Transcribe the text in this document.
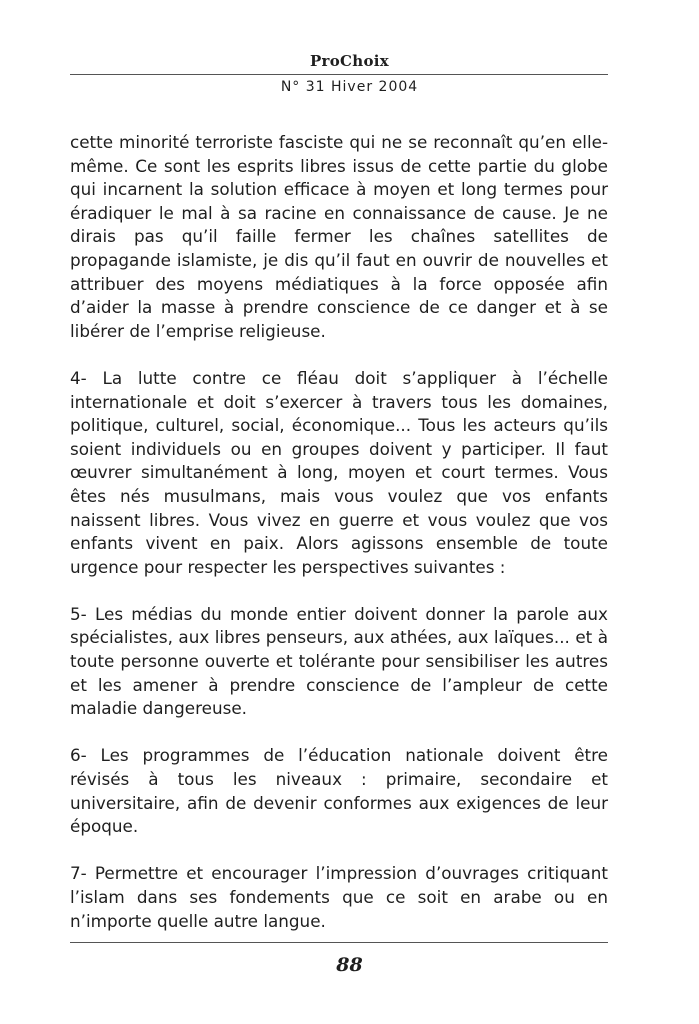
ProChoix
N° 31 Hiver 2004

cette minorité terroriste fasciste qui ne se reconnaît qu’en elle-même. Ce sont les esprits libres issus de cette partie du globe qui incarnent la solution efficace à moyen et long termes pour éradiquer le mal à sa racine en connaissance de cause. Je ne dirais pas qu’il faille fermer les chaînes satellites de propagande islamiste, je dis qu’il faut en ouvrir de nouvelles et attribuer des moyens médiatiques à la force opposée afin d’aider la masse à prendre conscience de ce danger et à se libérer de l’emprise religieuse.

4- La lutte contre ce fléau doit s’appliquer à l’échelle internationale et doit s’exercer à travers tous les domaines, politique, culturel, social, économique... Tous les acteurs qu’ils soient individuels ou en groupes doivent y participer. Il faut œuvrer simultanément à long, moyen et court termes. Vous êtes nés musulmans, mais vous voulez que vos enfants naissent libres. Vous vivez en guerre et vous voulez que vos enfants vivent en paix. Alors agissons ensemble de toute urgence pour respecter les perspectives suivantes :

5- Les médias du monde entier doivent donner la parole aux spécialistes, aux libres penseurs, aux athées, aux laïques... et à toute personne ouverte et tolérante pour sensibiliser les autres et les amener à prendre conscience de l’ampleur de cette maladie dangereuse.

6- Les programmes de l’éducation nationale doivent être révisés à tous les niveaux : primaire, secondaire et universitaire, afin de devenir conformes aux exigences de leur époque.

7- Permettre et encourager l’impression d’ouvrages critiquant l’islam dans ses fondements que ce soit en arabe ou en n’importe quelle autre langue.

88
